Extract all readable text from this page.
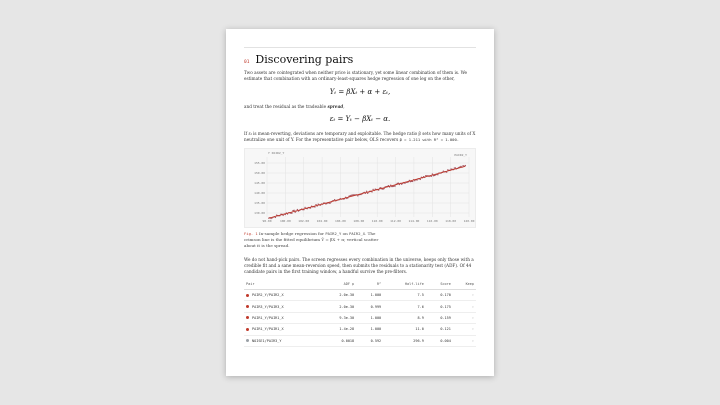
01 Discovering pairs

Two assets are cointegrated when neither price is stationary, yet some linear combination of them is. We estimate that combination with an ordinary-least-squares hedge regression of one leg on the other,

Yₜ = βXₜ + α + εₜ,

and treat the residual as the tradeable spread,

εₜ = Yₜ − βXₜ − α.

If εₜ is mean-reverting, deviations are temporary and exploitable. The hedge ratio β sets how many units of X neutralize one unit of Y. For the representative pair below, OLS recovers β = 1.211 with R² = 1.000.

130.00
135.00
140.00
145.00
150.00
155.00
98.00	100.00	102.00	104.00	106.00	108.00	110.00	112.00	114.00	116.00	118.00	120.00
Y PAIR2_Y	PAIR2_Y

Fig. 1 In-sample hedge regression for PAIR2_Y on PAIR2_X. The crimson line is the fitted equilibrium Ŷ = βX + α; vertical scatter about it is the spread.

We do not hand-pick pairs. The screen regresses every combination in the universe, keeps only those with a credible fit and a sane mean-reversion speed, then submits the residuals to a stationarity test (ADF). Of 44 candidate pairs in the first training window, a handful survive the pre-filters.

Pair	ADF p	R²	Half-life	Score	Keep
PAIR2_Y/PAIR2_X	2.0e-30	1.000	7.5	0.170	›
PAIR3_Y/PAIR3_X	2.0e-30	0.999	7.6	0.175	›
PAIR1_Y/PAIR1_X	9.3e-30	1.000	8.9	0.159	›
PAIR1_Y/PAIR1_X	1.4e-28	1.000	11.0	0.121	›
NOISE1/PAIR3_Y	0.0018	0.592	296.9	0.004	›
